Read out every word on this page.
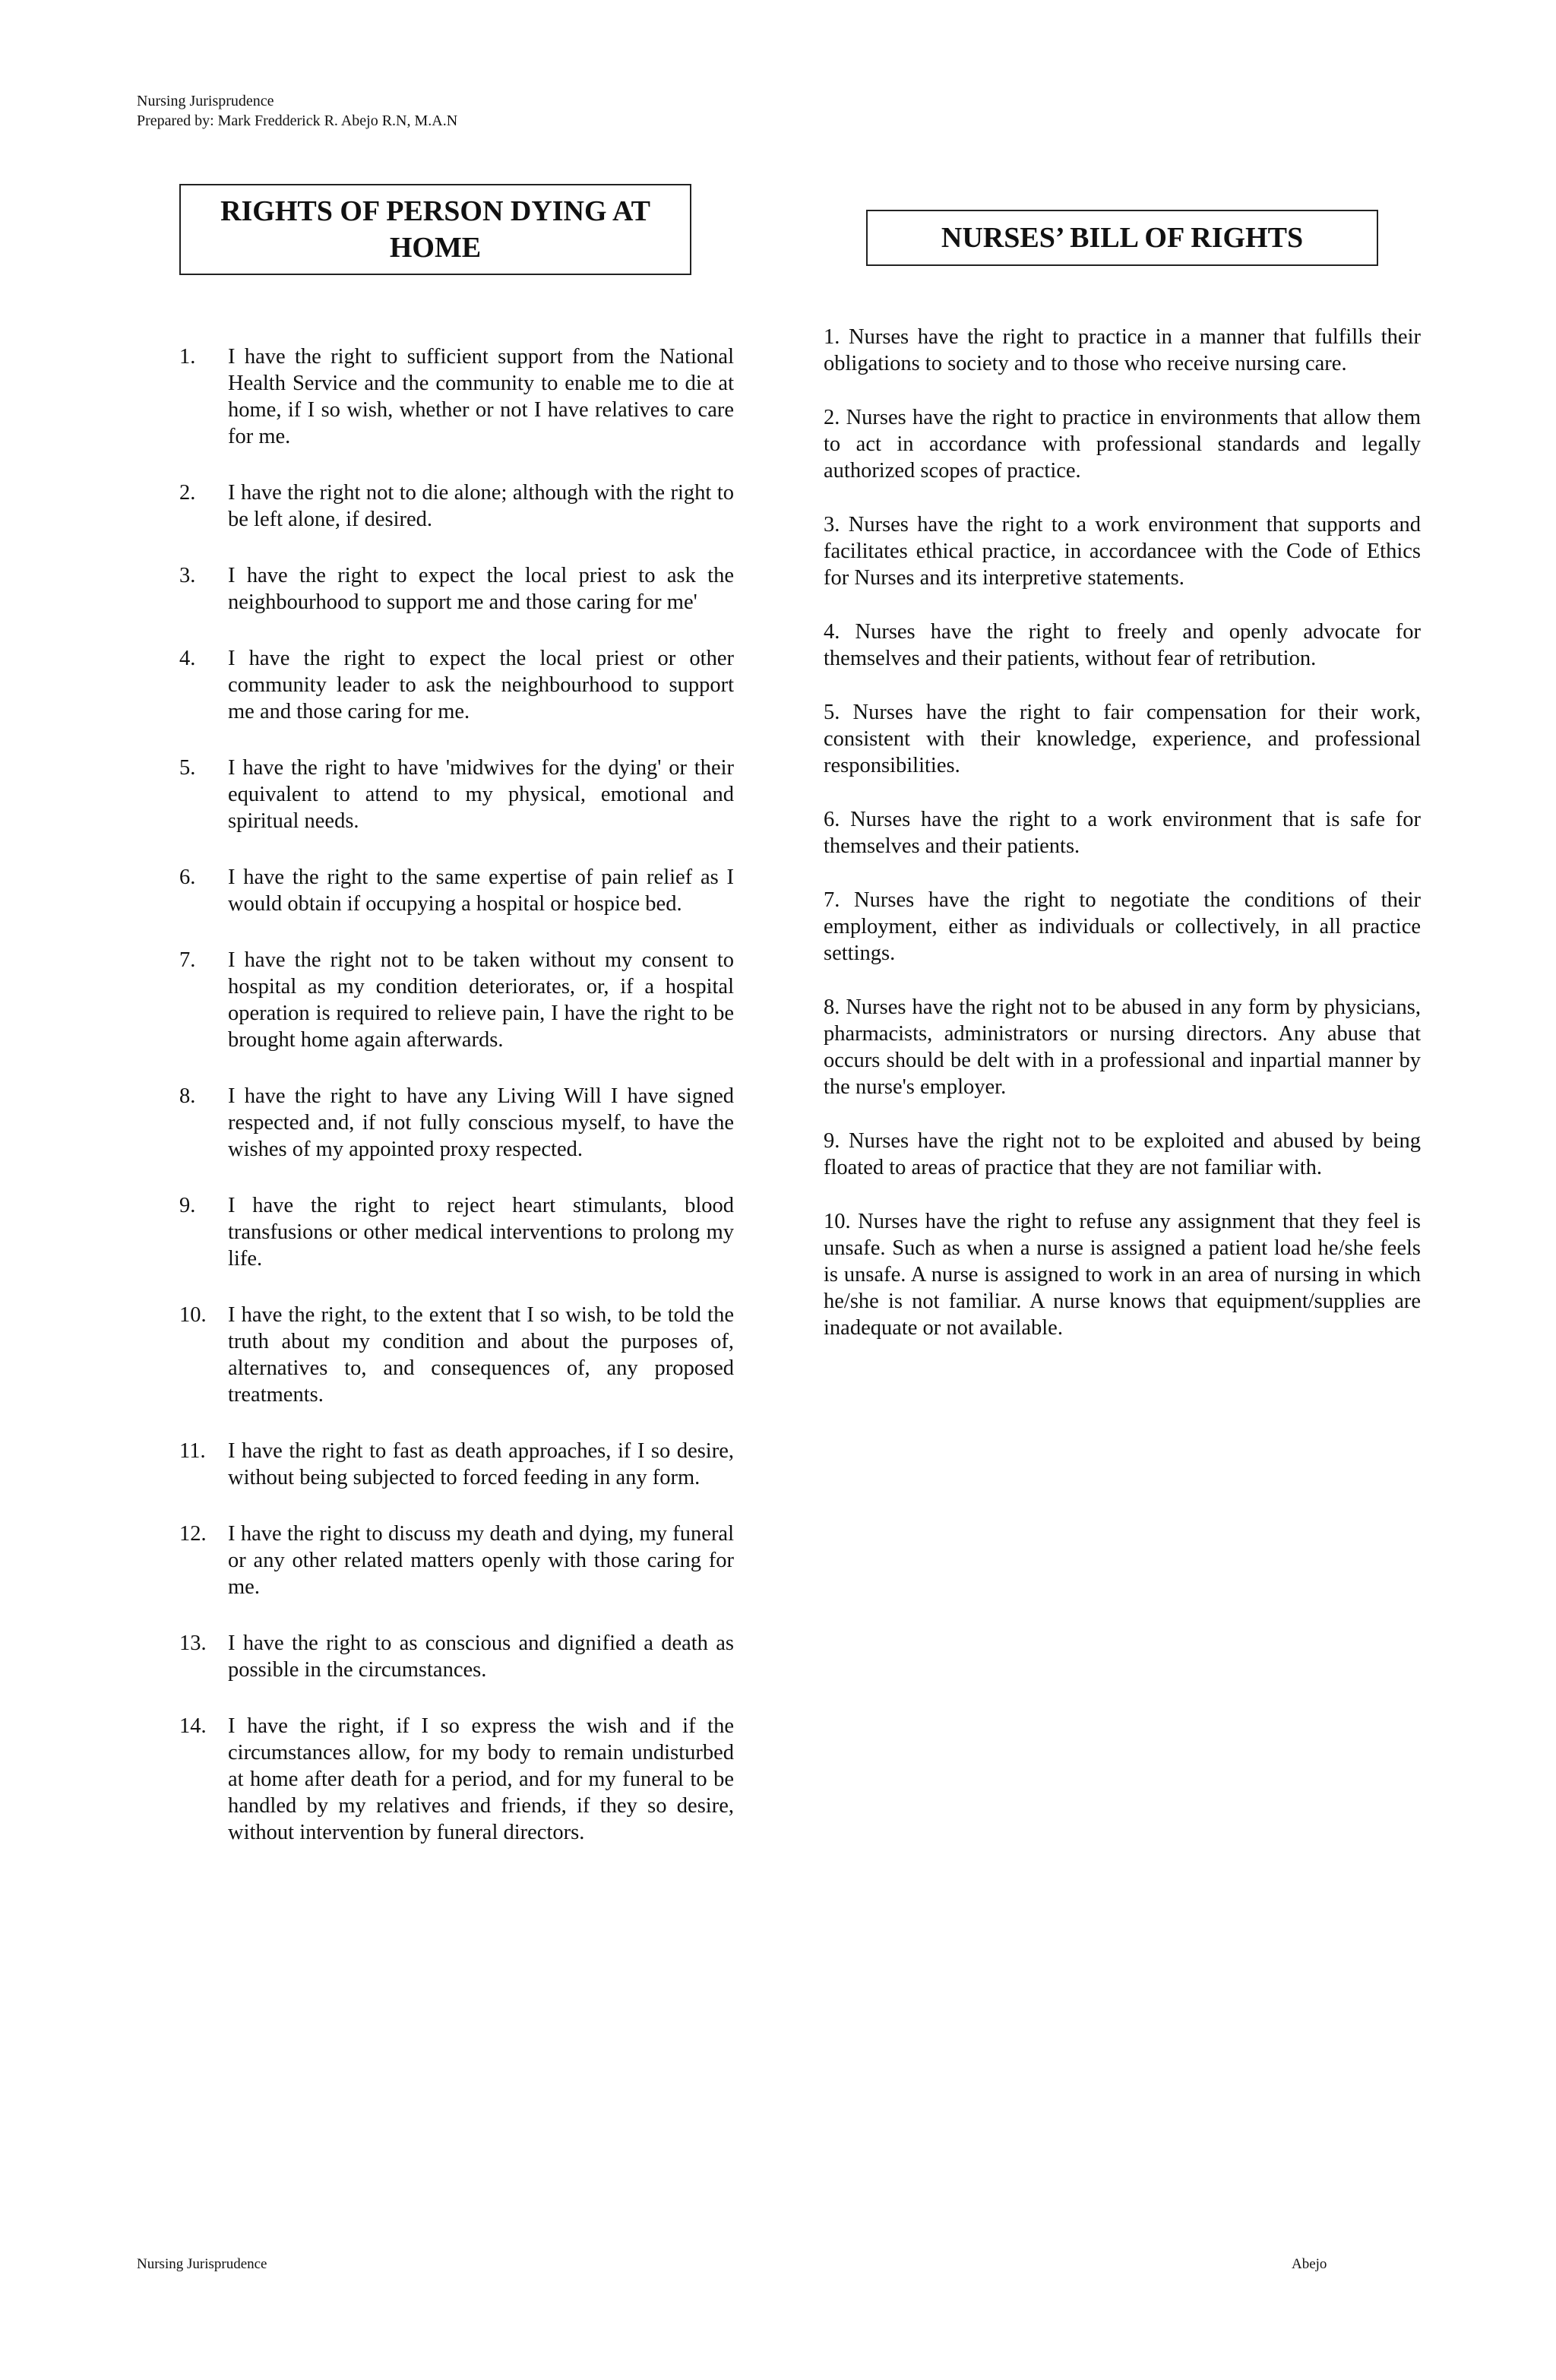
Nursing Jurisprudence
Prepared by: Mark Fredderick R. Abejo R.N, M.A.N
RIGHTS OF PERSON DYING AT HOME	NURSES’ BILL OF RIGHTS
1.	I have the right to sufficient support from the National Health Service and the community to enable me to die at home, if I so wish, whether or not I have relatives to care for me.
2.	I have the right not to die alone; although with the right to be left alone, if desired.
3.	I have the right to expect the local priest to ask the neighbourhood to support me and those caring for me'
4.	I have the right to expect the local priest or other community leader to ask the neighbourhood to support me and those caring for me.
5.	I have the right to have 'midwives for the dying' or their equivalent to attend to my physical, emotional and spiritual needs.
6.	I have the right to the same expertise of pain relief as I would obtain if occupying a hospital or hospice bed.
7.	I have the right not to be taken without my consent to hospital as my condition deteriorates, or, if a hospital operation is required to relieve pain, I have the right to be brought home again afterwards.
8.	I have the right to have any Living Will I have signed respected and, if not fully conscious myself, to have the wishes of my appointed proxy respected.
9.	I have the right to reject heart stimulants, blood transfusions or other medical interventions to prolong my life.
10. I have the right, to the extent that I so wish, to be told the truth about my condition and about the purposes of, alternatives to, and consequences of, any proposed treatments.
11.	I have the right to fast as death approaches, if I so desire, without being subjected to forced feeding in any form.
12. I have the right to discuss my death and dying, my funeral or any other related matters openly with those caring for me.
13. I have the right to as conscious and dignified a death as possible in the circumstances.
14. I have the right, if I so express the wish and if the circumstances allow, for my body to remain undisturbed at home after death for a period, and for my funeral to be handled by my relatives and friends, if they so desire, without intervention by funeral directors.
1. Nurses have the right to practice in a manner that fulfills their obligations to society and to those who receive nursing care.
2. Nurses have the right to practice in environments that allow them to act in accordance with professional standards and legally authorized scopes of practice.
3. Nurses have the right to a work environment that supports and facilitates ethical practice, in accordancee with the Code of Ethics for Nurses and its interpretive statements.
4. Nurses have the right to freely and openly advocate for themselves and their patients, without fear of retribution.
5. Nurses have the right to fair compensation for their work, consistent with their knowledge, experience, and professional responsibilities.
6. Nurses have the right to a work environment that is safe for themselves and their patients.
7. Nurses have the right to negotiate the conditions of their employment, either as individuals or collectively, in all practice settings.
8. Nurses have the right not to be abused in any form by physicians, pharmacists, administrators or nursing directors. Any abuse that occurs should be delt with in a professional and inpartial manner by the nurse's employer.
9. Nurses have the right not to be exploited and abused by being floated to areas of practice that they are not familiar with.
10. Nurses have the right to refuse any assignment that they feel is unsafe. Such as when a nurse is assigned a patient load he/she feels is unsafe. A nurse is assigned to work in an area of nursing in which he/she is not familiar. A nurse knows that equipment/supplies are inadequate or not available.
Nursing Jurisprudence	Abejo
